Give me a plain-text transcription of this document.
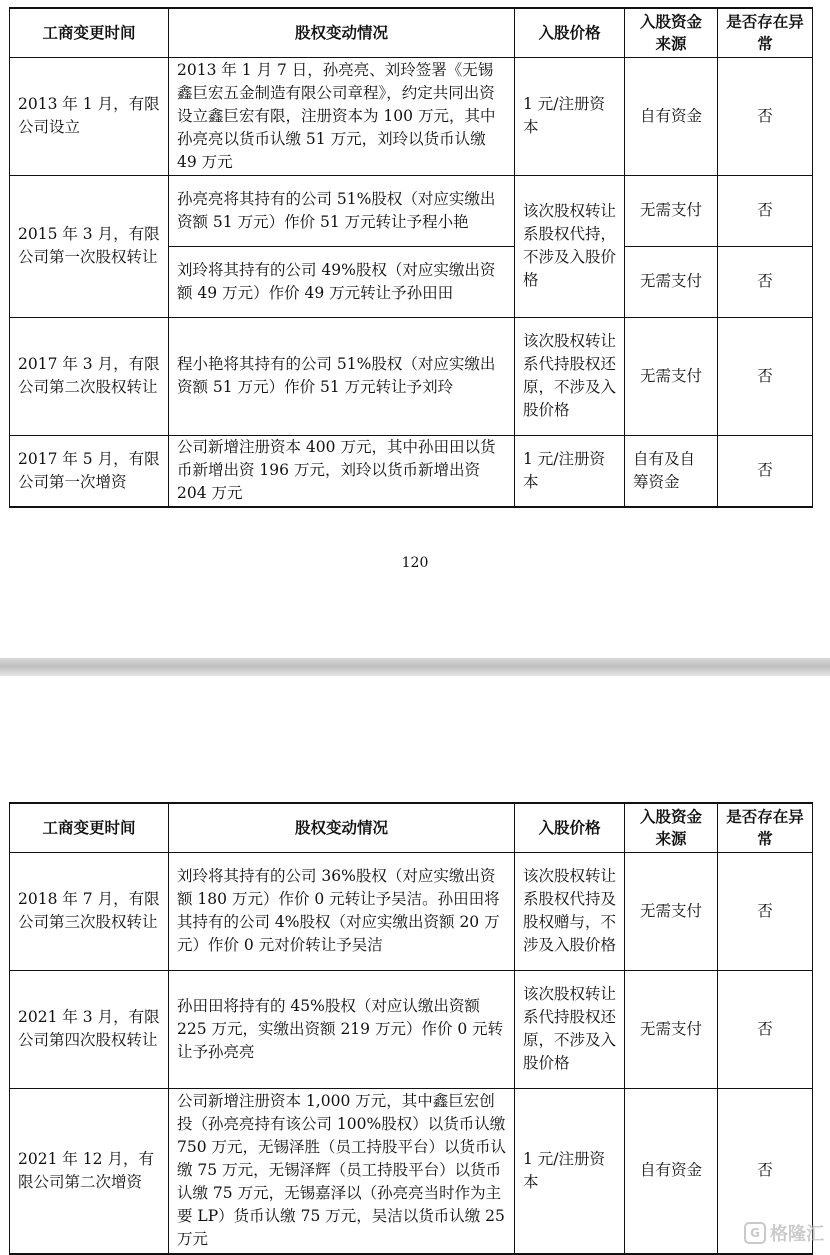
工商变更时间	股权变动情况	入股价格	入股资金来源	是否存在异常
2013 年 1 月，有限公司设立	2013 年 1 月 7 日，孙亮亮、刘玲签署《无锡鑫巨宏五金制造有限公司章程》，约定共同出资设立鑫巨宏有限，注册资本为 100 万元，其中孙亮亮以货币认缴 51 万元，刘玲以货币认缴 49 万元	1 元/注册资本	自有资金	否
2015 年 3 月，有限公司第一次股权转让	孙亮亮将其持有的公司 51%股权（对应实缴出资额 51 万元）作价 51 万元转让予程小艳	该次股权转让系股权代持，不涉及入股价格	无需支付	否
	刘玲将其持有的公司 49%股权（对应实缴出资额 49 万元）作价 49 万元转让予孙田田		无需支付	否
2017 年 3 月，有限公司第二次股权转让	程小艳将其持有的公司 51%股权（对应实缴出资额 51 万元）作价 51 万元转让予刘玲	该次股权转让系代持股权还原，不涉及入股价格	无需支付	否
2017 年 5 月，有限公司第一次增资	公司新增注册资本 400 万元，其中孙田田以货币新增出资 196 万元，刘玲以货币新增出资 204 万元	1 元/注册资本	自有及自筹资金	否
120
工商变更时间	股权变动情况	入股价格	入股资金来源	是否存在异常
2018 年 7 月，有限公司第三次股权转让	刘玲将其持有的公司 36%股权（对应实缴出资额 180 万元）作价 0 元转让予吴洁。孙田田将其持有的公司 4%股权（对应实缴出资额 20 万元）作价 0 元对价转让予吴洁	该次股权转让系股权代持及股权赠与，不涉及入股价格	无需支付	否
2021 年 3 月，有限公司第四次股权转让	孙田田将持有的 45%股权（对应认缴出资额 225 万元，实缴出资额 219 万元）作价 0 元转让予孙亮亮	该次股权转让系代持股权还原，不涉及入股价格	无需支付	否
2021 年 12 月，有限公司第二次增资	公司新增注册资本 1,000 万元，其中鑫巨宏创投（孙亮亮持有该公司 100%股权）以货币认缴 750 万元，无锡泽胜（员工持股平台）以货币认缴 75 万元，无锡泽辉（员工持股平台）以货币认缴 75 万元，无锡嘉泽以（孙亮亮当时作为主要 LP）货币认缴 75 万元，吴洁以货币认缴 25 万元	1 元/注册资本	自有资金	否
G 格隆汇
